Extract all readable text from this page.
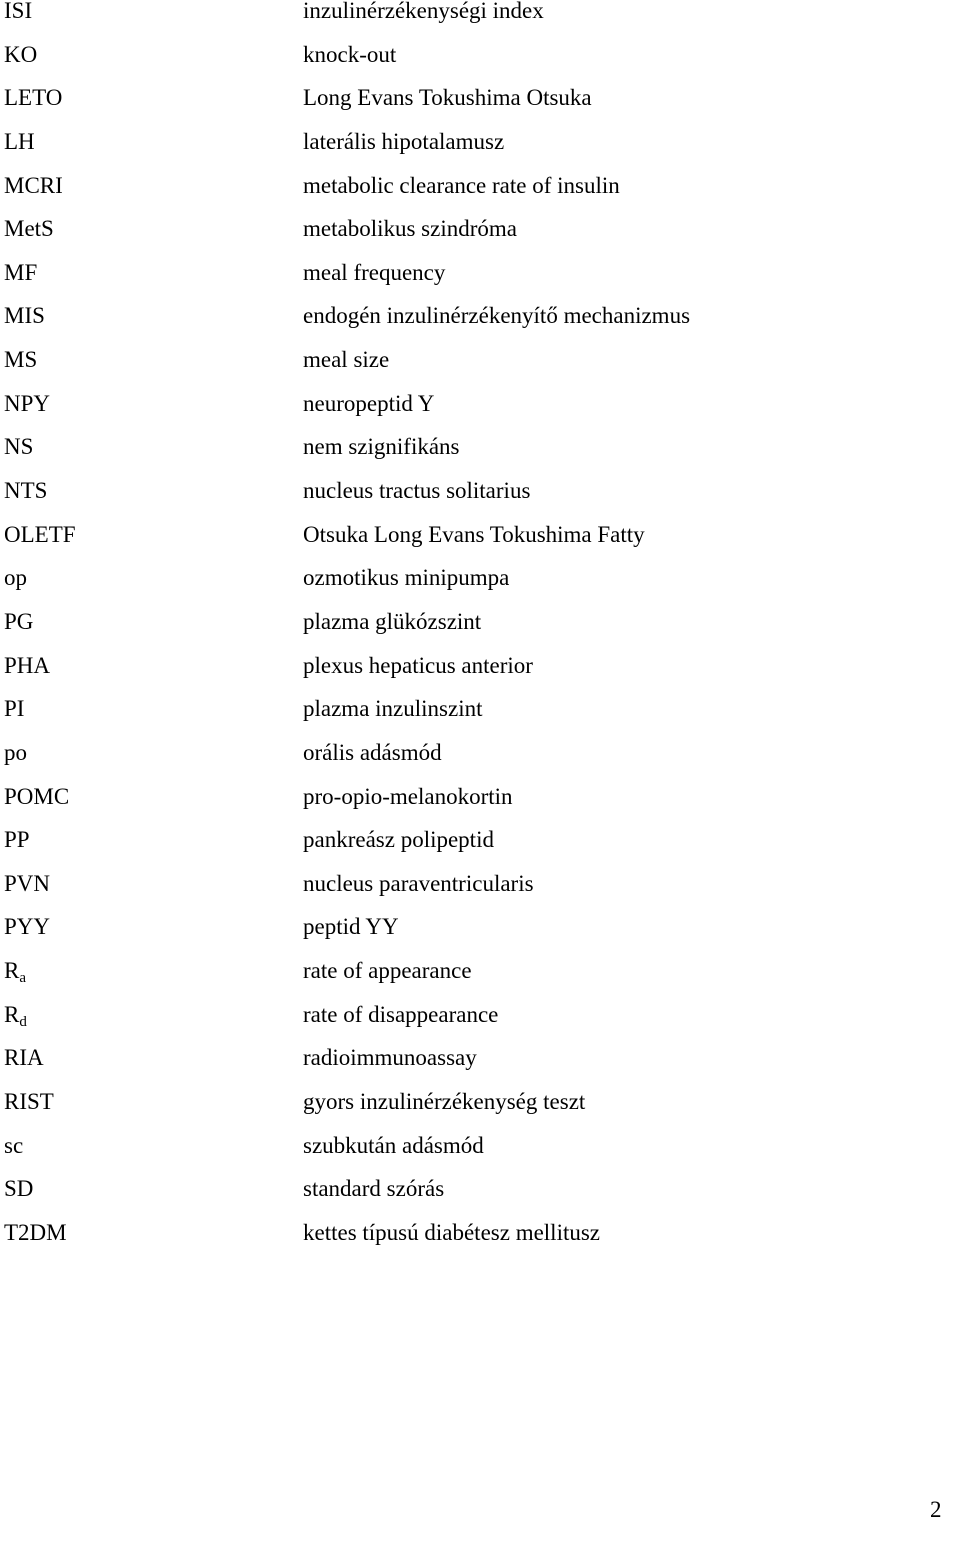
ISI	inzulinérzékenységi index
KO	knock-out
LETO	Long Evans Tokushima Otsuka
LH	laterális hipotalamusz
MCRI	metabolic clearance rate of insulin
MetS	metabolikus szindróma
MF	meal frequency
MIS	endogén inzulinérzékenyítő mechanizmus
MS	meal size
NPY	neuropeptid Y
NS	nem szignifikáns
NTS	nucleus tractus solitarius
OLETF	Otsuka Long Evans Tokushima Fatty
op	ozmotikus minipumpa
PG	plazma glükózszint
PHA	plexus hepaticus anterior
PI	plazma inzulinszint
po	orális adásmód
POMC	pro-opio-melanokortin
PP	pankreász polipeptid
PVN	nucleus paraventricularis
PYY	peptid YY
Ra	rate of appearance
Rd	rate of disappearance
RIA	radioimmunoassay
RIST	gyors inzulinérzékenység teszt
sc	szubkután adásmód
SD	standard szórás
T2DM	kettes típusú diabétesz mellitusz
2
